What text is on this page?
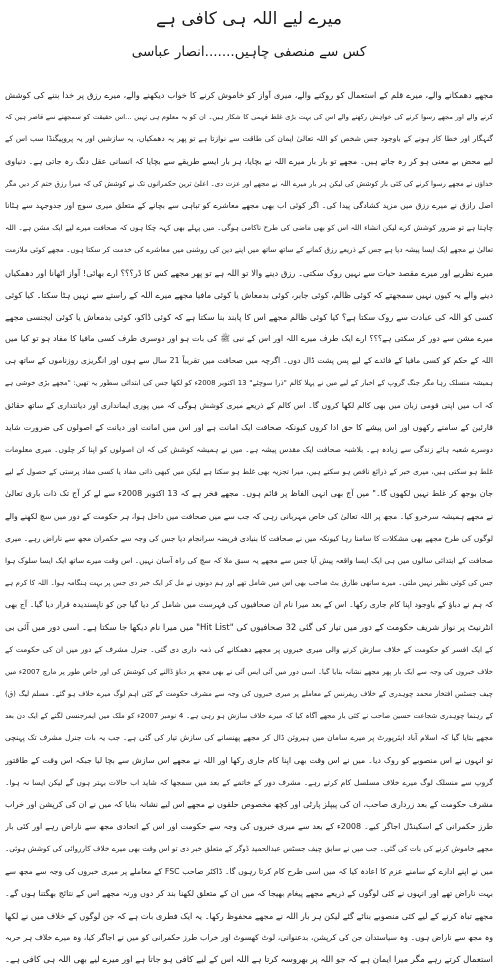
میرے لیے اللہ ہی کافی ہے
کس سے منصفی چاہیں.......انصار عباسی
مجھے دھمکانے والے، میرے قلم کے استعمال کو روکنے والے، میری آواز کو خاموش کرنے کا خواب دیکھنے والے، میرے رزق پر خدا بننے کی کوشش
کرنے والے اور مجھے رسوا کرنے کی خواہش رکھنے والے اس کی بہت بڑی غلط فہمی کا شکار ہیں۔ ان کو یہ معلوم ہی نہیں ...اس حقیقت کو سمجھنے سے قاصر ہیں کہ
گنہگار اور خطا کار ہونے کے باوجود جس شخص کو اللہ تعالیٰ ایمان کی طاقت سے نوازتا ہے تو پھر یہ دھمکیاں، یہ سازشیں اور یہ پروپیگنڈا سب اس کے
لیے محض بے معنی ہو کر رہ جاتے ہیں۔ مجھے تو بار بار میرے اللہ نے بچایا، ہر بار ایسے طریقے سے بچایا کہ انسانی عقل دنگ رہ جاتی ہے۔ دنیاوی
خداؤں نے مجھے رسوا کرنے کی کئی بار کوشش کی لیکن ہر بار میرے اللہ نے مجھے اور عزت دی۔ اعلیٰ ترین حکمرانوں تک نے کوشش کی کہ میرا رزق ختم کر دیں مگر
اصل رازق نے میرے رزق میں مزید کشادگی پیدا کی۔ اگر کوئی اب بھی مجھے معاشرے کو تباہی سے بچانے کے متعلق میری سوچ اور جدوجہد سے ہٹانا
چاہتا ہے تو ضرور کوشش کرے لیکن انشاء اللہ اس کو بھی ماضی کی طرح ناکامی ہوگی۔ میں پہلے بھی کہہ چکا ہوں کہ صحافت میرے لیے ایک مشن ہے۔ اللہ
تعالیٰ نے مجھے ایک ایسا پیشہ دیا ہے جس کے ذریعے رزق کمانے کے ساتھ ساتھ میں اپنے دین کی روشنی میں معاشرے کی خدمت کر سکتا ہوں۔ مجھے کوئی ملازمت
میرے نظریے اور میرے مقصد حیات سے نہیں روک سکتی۔ رزق دینے والا تو اللہ ہے تو پھر مجھے کس کا ڈر؟؟؟ ارے بھائی! آواز اٹھانا اور دھمکیاں
دینے والے یہ کیوں نہیں سمجھتے کہ کوئی ظالم، کوئی جابر، کوئی بدمعاش یا کوئی مافیا مجھے میرے اللہ کے راستے سے نہیں ہٹا سکتا۔ کیا کوئی
کسی کو اللہ کی عبادت سے روک سکتا ہے؟ کیا کوئی ظالم مجھے اس کا پابند بنا سکتا ہے کہ کوئی ڈاکو، کوئی بدمعاش یا کوئی ایجنسی مجھے
میرے مشن سے دور کر سکتی ہے؟؟؟ ارے ایک طرف میرے اللہ اور اس کے نبی ﷺ کی بات ہو اور دوسری طرف کسی مافیا کا مفاد ہو تو کیا میں
اللہ کے حکم کو کسی مافیا کے فائدے کے لیے پس پشت ڈال دوں۔ اگرچہ میں صحافت میں تقریباً 21 سال سے ہوں اور انگریزی روزناموں کے ساتھ ہی
ہمیشہ منسلک رہا مگر جنگ گروپ کے اخبار کے لیے میں نے پہلا کالم "ذرا سوچئے" 13 اکتوبر 2008ء کو لکھا جس کی ابتدائی سطور یہ تھیں: "مجھے بڑی خوشی ہے
کہ اب میں اپنی قومی زبان میں بھی کالم لکھا کروں گا۔ اس کالم کے ذریعے میری کوشش ہوگی کہ میں پوری ایمانداری اور دیانتداری کے ساتھ حقائق
قارئین کے سامنے رکھوں اور اس پیشے کا حق ادا کروں کیونکہ صحافت ایک امانت ہے اور اس میں امانت اور دیانت کے اصولوں کی ضرورت شاید
دوسرے شعبہ ہائے زندگی سے زیادہ ہے۔ بلاشبہ صحافت ایک مقدس پیشہ ہے۔ میں نے ہمیشہ کوشش کی کہ ان اصولوں کو اپنا کر چلوں۔ میری معلومات
غلط ہو سکتی ہیں، میری خبر کے ذرائع ناقص ہو سکتے ہیں، میرا تجزیہ بھی غلط ہو سکتا ہے لیکن میں کبھی ذاتی مفاد یا کسی مفاد پرستی کے حصول کے لیے
جان بوجھ کر غلط نہیں لکھوں گا۔" میں آج بھی انہی الفاظ پر قائم ہوں۔ مجھے فخر ہے کہ 13 اکتوبر 2008ء سے لے کر آج تک ذات باری تعالیٰ
نے مجھے ہمیشہ سرخرو کیا۔ مجھ پر اللہ تعالیٰ کی خاص مہربانی رہی کہ جب سے میں صحافت میں داخل ہوا، ہر حکومت کے دور میں سچ لکھنے والے
لوگوں کی طرح مجھے بھی مشکلات کا سامنا رہا کیونکہ میں نے صحافت کا بنیادی فریضہ سرانجام دیا جس کی وجہ سے حکمران مجھ سے ناراض رہے۔ میری
صحافت کے ابتدائی سالوں میں ہی ایک ایسا واقعہ پیش آیا جس سے مجھے یہ سبق ملا کہ سچ کی راہ آسان نہیں۔ اس وقت میرے ساتھ ایک ایسا سلوک ہوا
جس کی کوئی نظیر نہیں ملتی۔ میرے ساتھی طارق بٹ صاحب بھی اس میں شامل تھے اور ہم دونوں نے مل کر ایک خبر دی جس پر بہت ہنگامہ ہوا۔ اللہ کا کرم ہے
کہ ہم نے دباؤ کے باوجود اپنا کام جاری رکھا۔ اس کے بعد میرا نام ان صحافیوں کی فہرست میں شامل کر دیا گیا جن کو ناپسندیدہ قرار دیا گیا۔ آج بھی
انٹرنیٹ پر نواز شریف حکومت کے دور میں تیار کی گئی 32 صحافیوں کی "Hit List" میں میرا نام دیکھا جا سکتا ہے۔ اسی دور میں آئی بی
کے ایک افسر کو حکومت کے خلاف سازش کرنے والی میری خبروں پر مجھے دھمکانے کی ذمہ داری دی گئی۔ جنرل مشرف کے دور میں ان کی حکومت کے
خلاف خبروں کی وجہ سے ایک بار پھر مجھے نشانہ بنایا گیا۔ اسی دور میں آئی ایس آئی نے بھی مجھ پر دباؤ ڈالنے کی کوشش کی اور خاص طور پر مارچ 2007ء میں
چیف جسٹس افتخار محمد چوہدری کے خلاف ریفرنس کے معاملے پر میری خبروں کی وجہ سے مشرف حکومت کے کئی اہم لوگ میرے خلاف ہو گئے۔ مسلم لیگ (ق)
کے رہنما چوہدری شجاعت حسین صاحب نے کئی بار مجھے آگاہ کیا کہ میرے خلاف سازش ہو رہی ہے۔ 4 نومبر 2007ء کو ملک میں ایمرجنسی لگنے کے ایک دن بعد
مجھے بتایا گیا کہ اسلام آباد ایئرپورٹ پر میرے سامان میں ہیروئن ڈال کر مجھے پھنسانے کی سازش تیار کی گئی ہے۔ جب یہ بات جنرل مشرف تک پہنچی
تو انہوں نے اس منصوبے کو روک دیا۔ میں نے اس وقت بھی اپنا کام جاری رکھا اور اللہ نے مجھے اس سازش سے بچا لیا جبکہ اس وقت کے طاقتور
گروپ سے منسلک لوگ میرے خلاف مسلسل کام کرتے رہے۔ مشرف دور کے خاتمے کے بعد میں سمجھا کہ شاید اب حالات بہتر ہوں گے لیکن ایسا نہ ہوا۔
مشرف حکومت کے بعد زرداری صاحب، ان کی پیپلز پارٹی اور کچھ مخصوص حلقوں نے مجھے اس لیے نشانہ بنایا کہ میں نے ان کی کرپشن اور خراب
طرز حکمرانی کے اسکینڈل اجاگر کیے۔ 2008ء کے بعد سے میری خبروں کی وجہ سے حکومت اور اس کے اتحادی مجھ سے ناراض رہے اور کئی بار
مجھے خاموش کرنے کی بات کی گئی۔ جب میں نے سابق چیف جسٹس عبدالحمید ڈوگر کے متعلق خبر دی تو اس وقت بھی میرے خلاف کارروائی کی کوشش ہوئی۔
میں نے اپنے ادارے کے سامنے عزم کا اعادہ کیا کہ میں اسی طرح کام کرتا رہوں گا۔ ڈاکٹر صاحب FSC کے معاملے پر میری خبروں کی وجہ سے مجھ سے
بہت ناراض تھے اور انہوں نے کئی لوگوں کے ذریعے مجھے پیغام بھیجا کہ میں ان کے متعلق لکھنا بند کر دوں ورنہ مجھے اس کے نتائج بھگتنا ہوں گے۔
مجھے تباہ کرنے کے لیے کئی منصوبے بنائے گئے لیکن ہر بار اللہ نے مجھے محفوظ رکھا۔ یہ ایک فطری بات ہے کہ جن لوگوں کے خلاف میں نے لکھا
وہ مجھ سے ناراض ہوں۔ وہ سیاستدان جن کی کرپشن، بدعنوانی، لوٹ کھسوٹ اور خراب طرز حکمرانی کو میں نے اجاگر کیا، وہ میرے خلاف ہر حربہ
استعمال کرتے رہے مگر میرا ایمان ہے کہ جو اللہ پر بھروسہ کرتا ہے اللہ اس کے لیے کافی ہو جاتا ہے اور میرے لیے بھی اللہ ہی کافی ہے۔
